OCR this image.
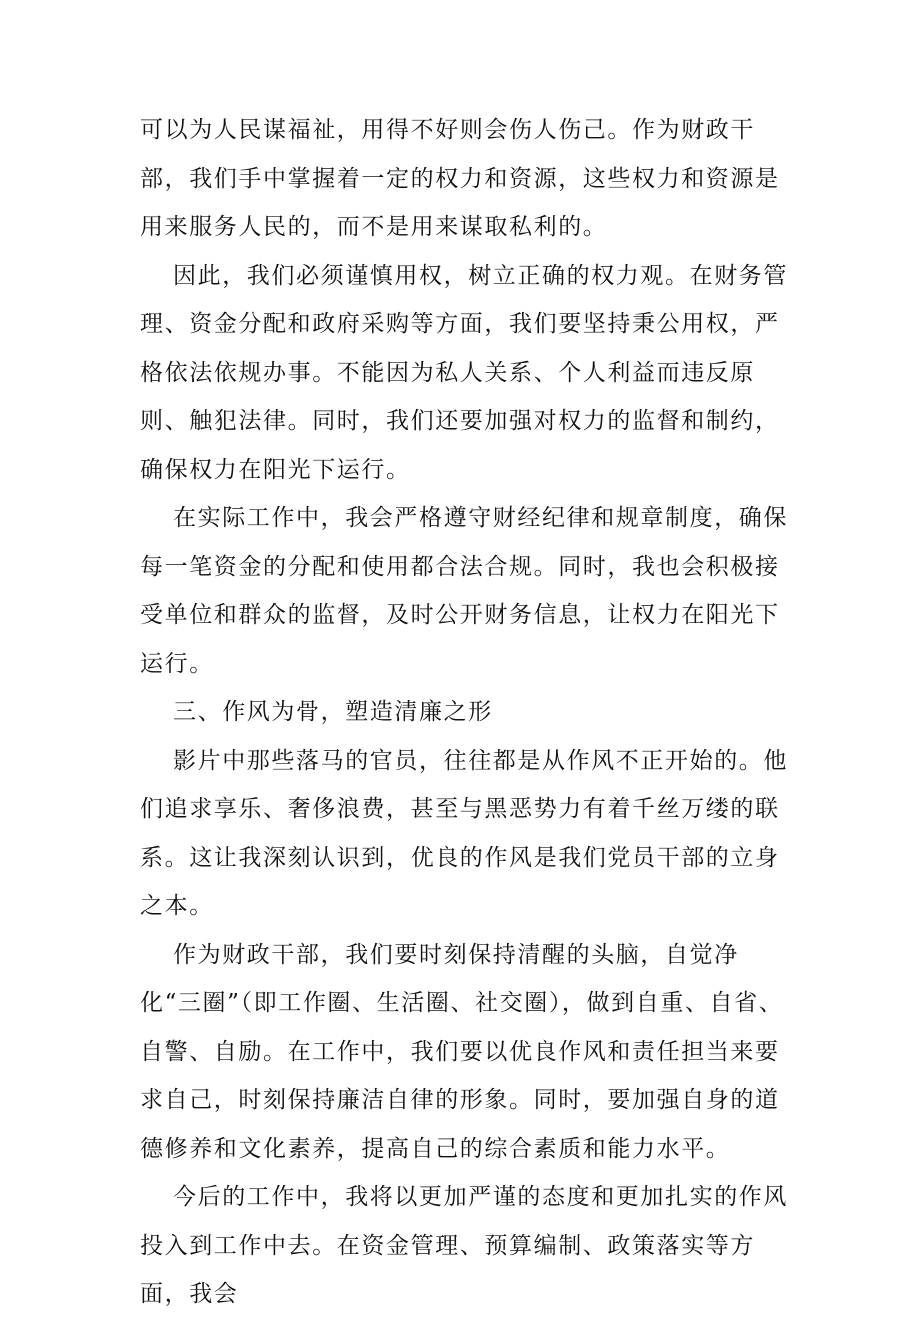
可以为人民谋福祉，用得不好则会伤人伤己。作为财政干部，我们手中掌握着一定的权力和资源，这些权力和资源是用来服务人民的，而不是用来谋取私利的。

因此，我们必须谨慎用权，树立正确的权力观。在财务管理、资金分配和政府采购等方面，我们要坚持秉公用权，严格依法依规办事。不能因为私人关系、个人利益而违反原则、触犯法律。同时，我们还要加强对权力的监督和制约，确保权力在阳光下运行。

在实际工作中，我会严格遵守财经纪律和规章制度，确保每一笔资金的分配和使用都合法合规。同时，我也会积极接受单位和群众的监督，及时公开财务信息，让权力在阳光下运行。

三、作风为骨，塑造清廉之形

影片中那些落马的官员，往往都是从作风不正开始的。他们追求享乐、奢侈浪费，甚至与黑恶势力有着千丝万缕的联系。这让我深刻认识到，优良的作风是我们党员干部的立身之本。

作为财政干部，我们要时刻保持清醒的头脑，自觉净化“三圈”（即工作圈、生活圈、社交圈），做到自重、自省、自警、自励。在工作中，我们要以优良作风和责任担当来要求自己，时刻保持廉洁自律的形象。同时，要加强自身的道德修养和文化素养，提高自己的综合素质和能力水平。

今后的工作中，我将以更加严谨的态度和更加扎实的作风投入到工作中去。在资金管理、预算编制、政策落实等方面，我会
